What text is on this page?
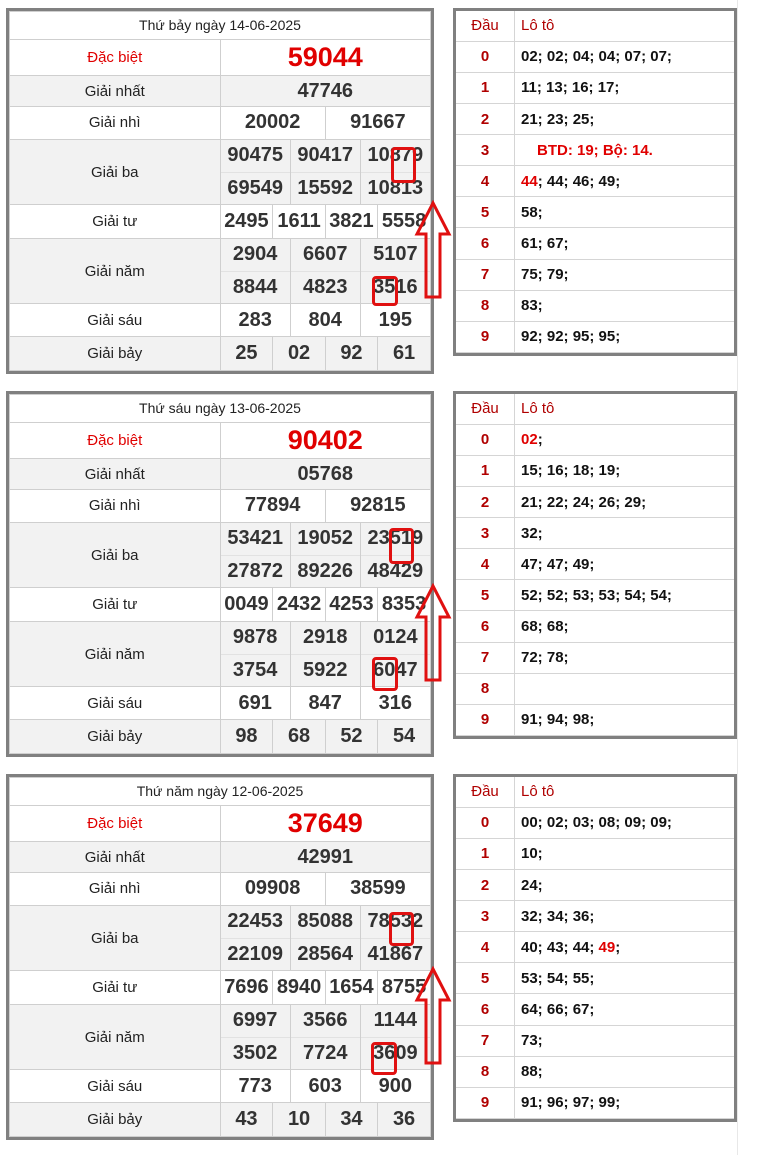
Thứ bảy ngày 14-06-2025
Đặc biệt	59044
Giải nhất	47746
Giải nhì		20002	91667

Giải ba	
90475	90417	10879
69549	15592	10813

Giải tư		2495	1611	3821	5558

Giải năm	
2904	6607	5107
8844	4823	3516

Giải sáu		283	804	195

Giải bảy		25	02	92	61
Đầu	Lô tô
0	02; 02; 04; 04; 07; 07;
1	11; 13; 16; 17;
2	21; 23; 25;
3	BTD: 19; Bộ: 14.
4	44; 44; 46; 49;
5	58;
6	61; 67;
7	75; 79;
8	83;
9	92; 92; 95; 95;
Thứ sáu ngày 13-06-2025
Đặc biệt	90402
Giải nhất	05768
Giải nhì		77894	92815

Giải ba	
53421	19052	23519
27872	89226	48429

Giải tư		0049	2432	4253	8353

Giải năm	
9878	2918	0124
3754	5922	6047

Giải sáu		691	847	316

Giải bảy		98	68	52	54
Đầu	Lô tô
0	02;
1	15; 16; 18; 19;
2	21; 22; 24; 26; 29;
3	32;
4	47; 47; 49;
5	52; 52; 53; 53; 54; 54;
6	68; 68;
7	72; 78;
8	
9	91; 94; 98;
Thứ năm ngày 12-06-2025
Đặc biệt	37649
Giải nhất	42991
Giải nhì		09908	38599

Giải ba	
22453	85088	78532
22109	28564	41867

Giải tư		7696	8940	1654	8755

Giải năm	
6997	3566	1144
3502	7724	3609

Giải sáu		773	603	900

Giải bảy		43	10	34	36
Đầu	Lô tô
0	00; 02; 03; 08; 09; 09;
1	10;
2	24;
3	32; 34; 36;
4	40; 43; 44; 49;
5	53; 54; 55;
6	64; 66; 67;
7	73;
8	88;
9	91; 96; 97; 99;
